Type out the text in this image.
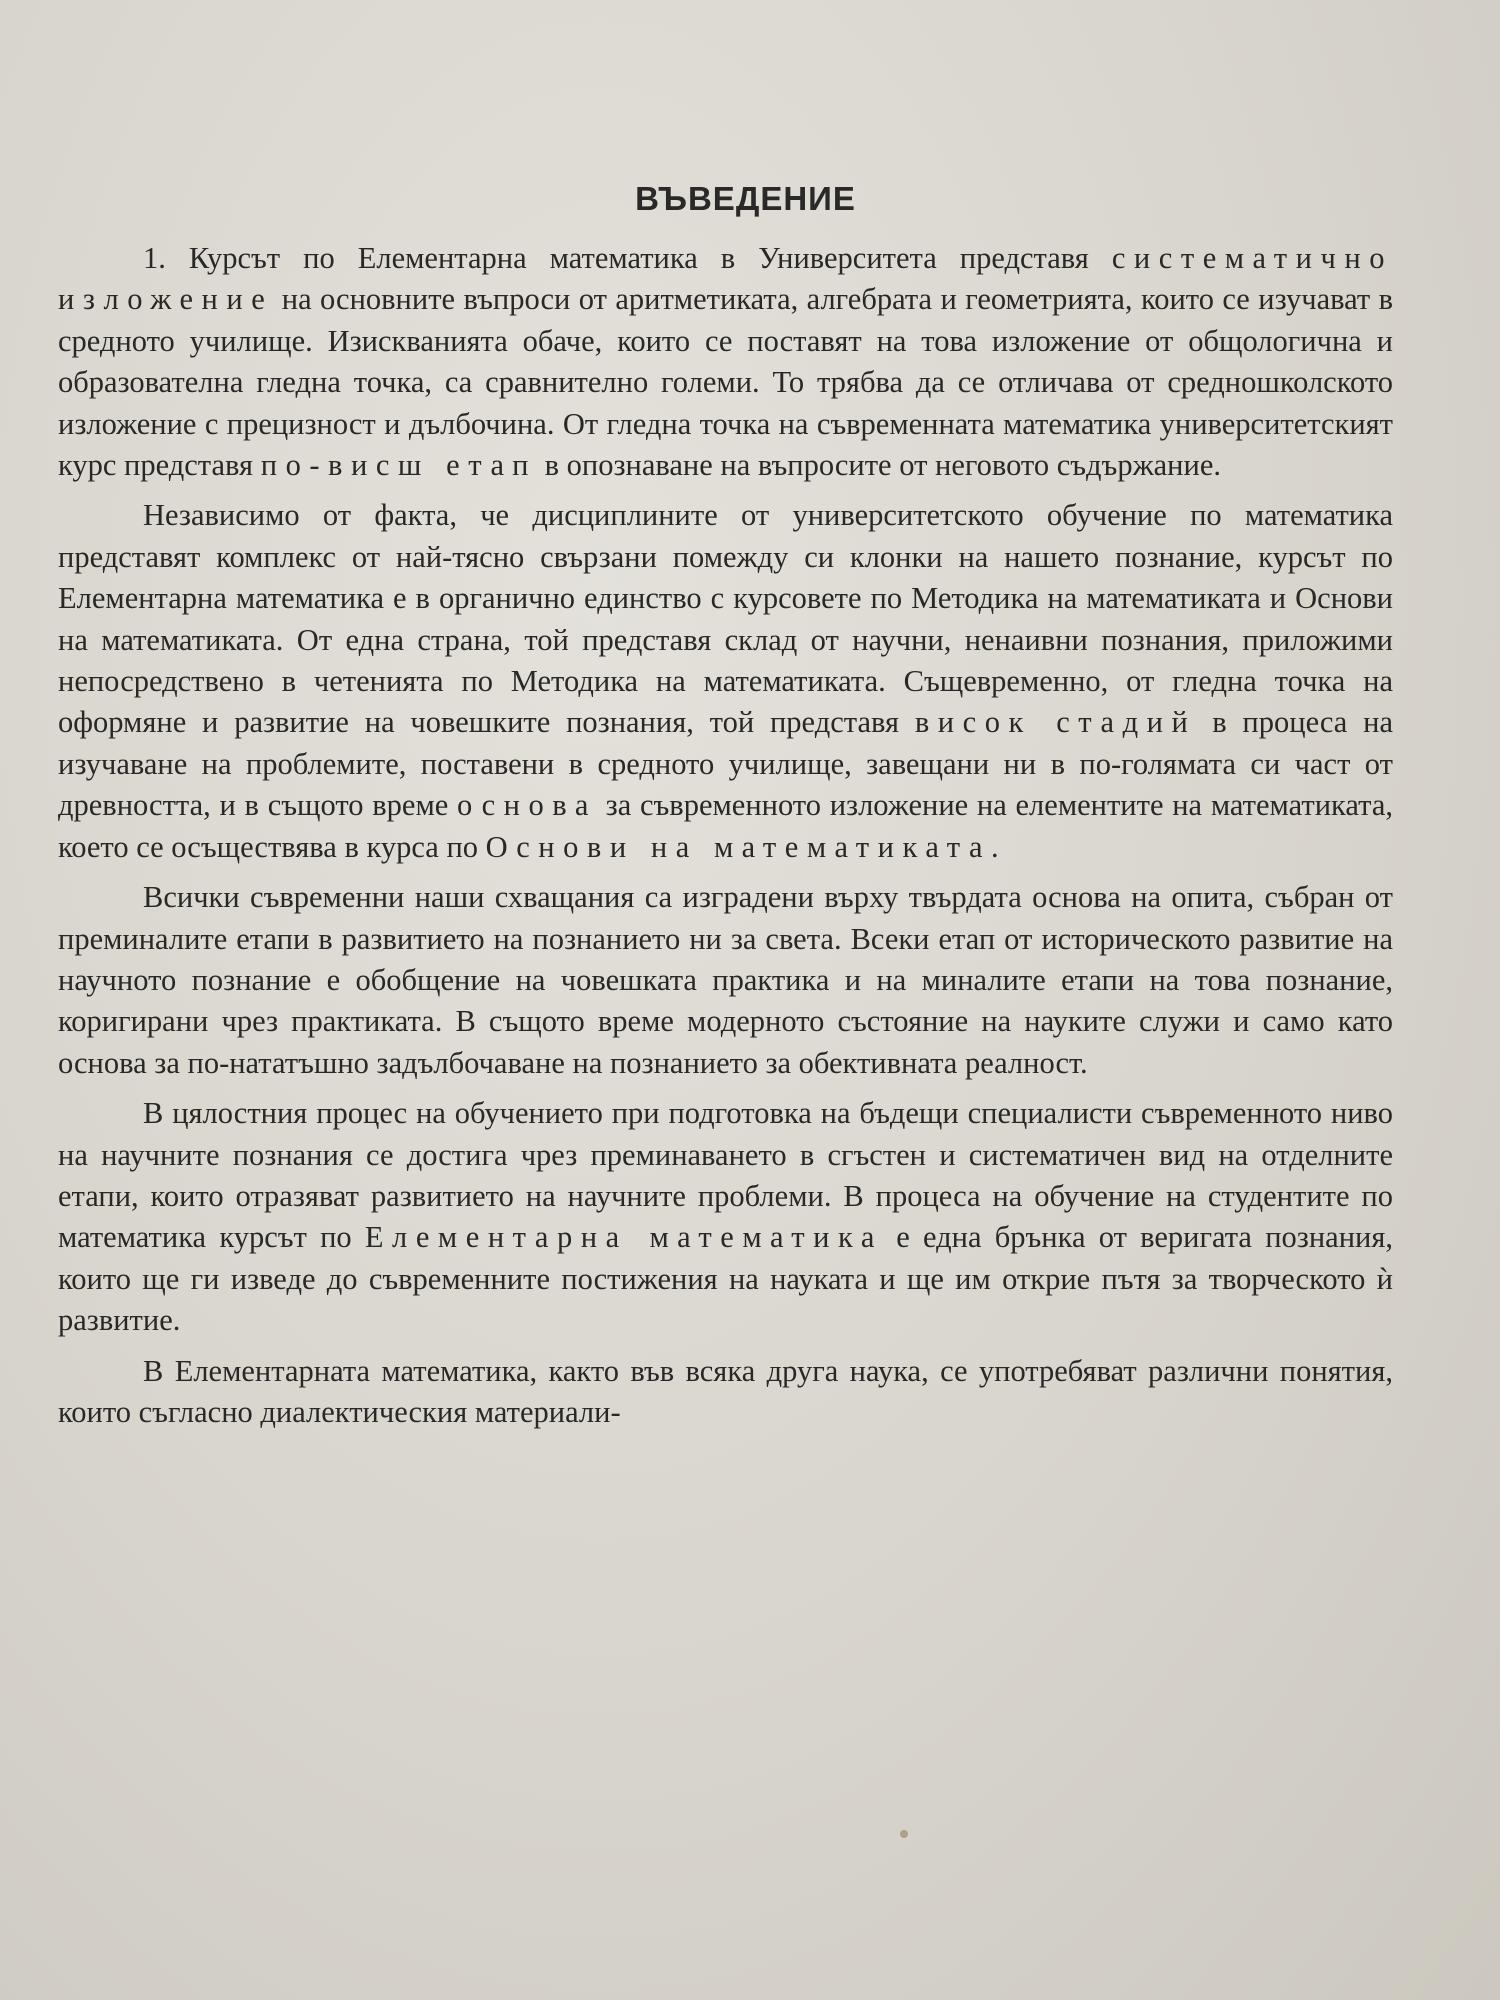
ВЪВЕДЕНИЕ

1. Курсът по Елементарна математика в Университета представя систематично изложение на основните въпроси от аритметиката, алгебрата и геометрията, които се изучават в средното училище. Изискванията обаче, които се поставят на това изложение от общологична и образователна гледна точка, са сравнително големи. То трябва да се отличава от средношколското изложение с прецизност и дълбочина. От гледна точка на съвременната математика университетският курс представя по-висш етап в опознаване на въпросите от неговото съдържание.

Независимо от факта, че дисциплините от университетското обучение по математика представят комплекс от най-тясно свързани помежду си клонки на нашето познание, курсът по Елементарна математика е в органично единство с курсовете по Методика на математиката и Основи на математиката. От една страна, той представя склад от научни, ненаивни познания, приложими непосредствено в четенията по Методика на математиката. Същевременно, от гледна точка на оформяне и развитие на човешките познания, той представя висок стадий в процеса на изучаване на проблемите, поставени в средното училище, завещани ни в по-голямата си част от древността, и в същото време основа за съвременното изложение на елементите на математиката, което се осъществява в курса по Основи на математиката.

Всички съвременни наши схващания са изградени върху твърдата основа на опита, събран от преминалите етапи в развитието на познанието ни за света. Всеки етап от историческото развитие на научното познание е обобщение на човешката практика и на миналите етапи на това познание, коригирани чрез практиката. В същото време модерното състояние на науките служи и само като основа за по-нататъшно задълбочаване на познанието за обективната реалност.

В цялостния процес на обучението при подготовка на бъдещи специалисти съвременното ниво на научните познания се достига чрез преминаването в сгъстен и систематичен вид на отделните етапи, които отразяват развитието на научните проблеми. В процеса на обучение на студентите по математика курсът по Елементарна математика е една брънка от веригата познания, които ще ги изведе до съвременните постижения на науката и ще им открие пътя за творческото ѝ развитие.

В Елементарната математика, както във всяка друга наука, се употребяват различни понятия, които съгласно диалектическия материали-
